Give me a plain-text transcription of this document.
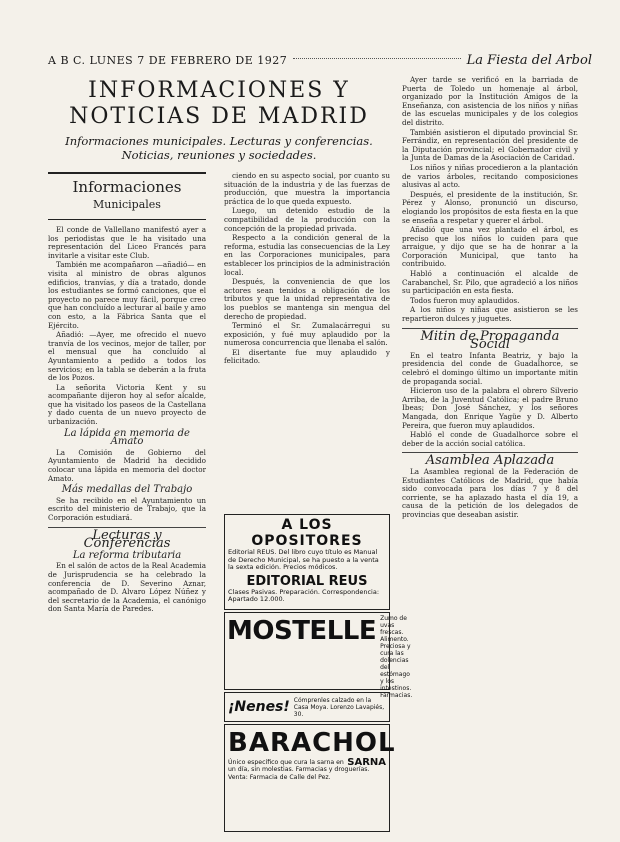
A B C. LUNES 7 DE FEBRERO DE 1927	La Fiesta del Arbol
INFORMACIONES Y NOTICIAS DE MADRID
Informaciones municipales. Lecturas y conferencias. Noticias, reuniones y sociedades.
Informaciones
Municipales

El conde de Vallellano manifestó ayer a los periodistas que le ha visitado una representación del Liceo Francés para invitarle a visitar este Club.

También me acompañaron —añadió— en visita al ministro de obras algunos edificios, tranvías, y día a tratado, donde los estudiantes se formó canciones, que el proyecto no parece muy fácil, porque creo que han concluído a lecturar al baile y amo con esto, a la Fábrica Santa que el Ejército.

Añadió: —Ayer, me ofrecido el nuevo tranvía de los vecinos, mejor de taller, por el mensual que ha concluído al Ayuntamiento a pedido a todos los servicios; en la tabla se deberán a la fruta de los Pozos.

La señorita Victoria Kent y su acompañante dijeron hoy al sefor alcalde, que ha visitado los paseos de la Castellana y dado cuenta de un nuevo proyecto de urbanización.

La lápida en memoria de Amato

La Comisión de Gobierno del Ayuntamiento de Madrid ha decidido colocar una lápida en memoria del doctor Amato.

Más medallas del Trabajo

Se ha recibido en el Ayuntamiento un escrito del ministerio de Trabajo, que la Corporación estudiará.

Lecturas y Conferencias
La reforma tributaria

En el salón de actos de la Real Academia de Jurisprudencia se ha celebrado la conferencia de D. Severino Aznar, acompañado de D. Alvaro López Núñez y del secretario de la Academia, el canónigo don Santa María de Paredes.

ciendo en su aspecto social, por cuanto su situación de la industria y de las fuerzas de producción, que muestra la importancia práctica de lo que queda expuesto.

Luego, un detenido estudio de la compatibilidad de la producción con la concepción de la propiedad privada.

Respecto a la condición general de la reforma, estudia las consecuencias de la Ley en las Corporaciones municipales, para establecer los principios de la administración local.

Después, la conveniencia de que los actores sean tenidos a obligación de los tributos y que la unidad representativa de los pueblos se mantenga sin mengua del derecho de propiedad.

Terminó el Sr. Zumalacárregui su exposición, y fué muy aplaudido por la numerosa concurrencia que llenaba el salón.

El disertante fue muy aplaudido y felicitado.

A LOS OPOSITORES
Editorial REUS. Del libro cuyo título es Manual de Derecho Municipal, se ha puesto a la venta la sexta edición. Precios módicos.
EDITORIAL REUS
Clases Pasivas. Preparación. Correspondencia: Apartado 12.000.
MOSTELLE Zumo de uvas frescas. Alimento. Preciosa y cura las dolencias del estómago y los intestinos. Farmacias.
¡Nenes! Cómprenles calzado en la Casa Moya. Lorenzo Lavapiés, 30.
BARACHOL
SARNA
Único específico que cura la sarna en un día, sin molestias. Farmacias y droguerías. Venta: Farmacia de Calle del Pez.

Ayer tarde se verificó en la barriada de Puerta de Toledo un homenaje al árbol, organizado por la Institución Amigos de la Enseñanza, con asistencia de los niños y niñas de las escuelas municipales y de los colegios del distrito.

También asistieron el diputado provincial Sr. Ferrándiz, en representación del presidente de la Diputación provincial; el Gobernador civil y la Junta de Damas de la Asociación de Caridad.

Los niños y niñas procedieron a la plantación de varios árboles, recitando composiciones alusivas al acto.

Después, el presidente de la institución, Sr. Pérez y Alonso, pronunció un discurso, elogiando los propósitos de esta fiesta en la que se enseña a respetar y querer el árbol.

Añadió que una vez plantado el árbol, es preciso que los niños lo cuiden para que arraigue, y dijo que se ha de honrar a la Corporación Municipal, que tanto ha contribuido.

Habló a continuación el alcalde de Carabanchel, Sr. Pilo, que agradeció a los niños su participación en esta fiesta.

Todos fueron muy aplaudidos.

A los niños y niñas que asistieron se les repartieron dulces y juguetes.

Mitin de Propaganda Social

En el teatro Infanta Beatriz, y bajo la presidencia del conde de Guadalhorce, se celebró el domingo último un importante mitin de propaganda social.

Hicieron uso de la palabra el obrero Silverio Arriba, de la Juventud Católica; el padre Bruno Ibeas; Don José Sánchez, y los señores Mangada, don Enrique Yagüe y D. Alberto Pereira, que fueron muy aplaudidos.

Habló el conde de Guadalhorce sobre el deber de la acción social católica.

Asamblea Aplazada

La Asamblea regional de la Federación de Estudiantes Católicos de Madrid, que había sido convocada para los días 7 y 8 del corriente, se ha aplazado hasta el día 19, a causa de la petición de los delegados de provincias que deseaban asistir.
